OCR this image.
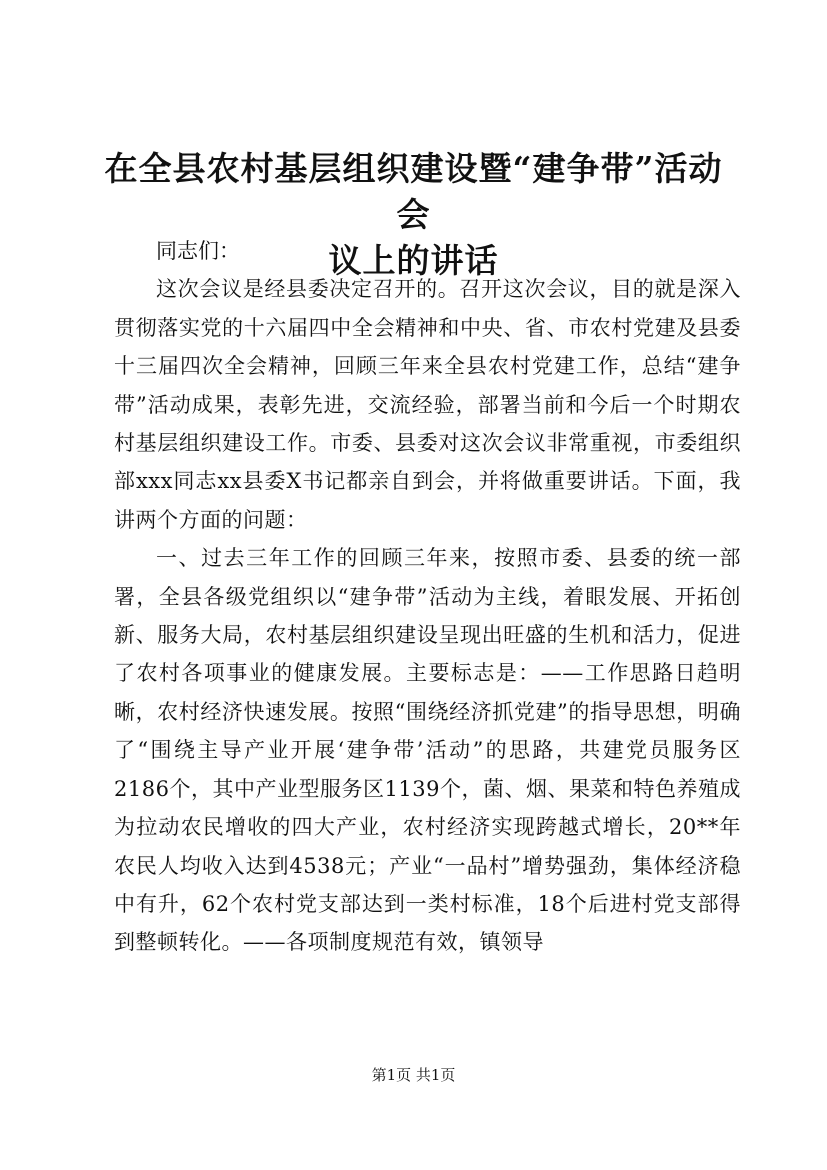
在全县农村基层组织建设暨“建争带”活动会
议上的讲话

同志们：

这次会议是经县委决定召开的。召开这次会议，目的就是深入贯彻落实党的十六届四中全会精神和中央、省、市农村党建及县委十三届四次全会精神，回顾三年来全县农村党建工作，总结“建争带”活动成果，表彰先进，交流经验，部署当前和今后一个时期农村基层组织建设工作。市委、县委对这次会议非常重视，市委组织部xxx同志xx县委X书记都亲自到会，并将做重要讲话。下面，我讲两个方面的问题：

一、过去三年工作的回顾三年来，按照市委、县委的统一部署，全县各级党组织以“建争带”活动为主线，着眼发展、开拓创新、服务大局，农村基层组织建设呈现出旺盛的生机和活力，促进了农村各项事业的健康发展。主要标志是：——工作思路日趋明晰，农村经济快速发展。按照“围绕经济抓党建”的指导思想，明确了“围绕主导产业开展‘建争带’活动”的思路，共建党员服务区2186个，其中产业型服务区1139个，菌、烟、果菜和特色养殖成为拉动农民增收的四大产业，农村经济实现跨越式增长，20**年农民人均收入达到4538元；产业“一品村”增势强劲，集体经济稳中有升，62个农村党支部达到一类村标准，18个后进村党支部得到整顿转化。——各项制度规范有效，镇领导

第1页 共1页
